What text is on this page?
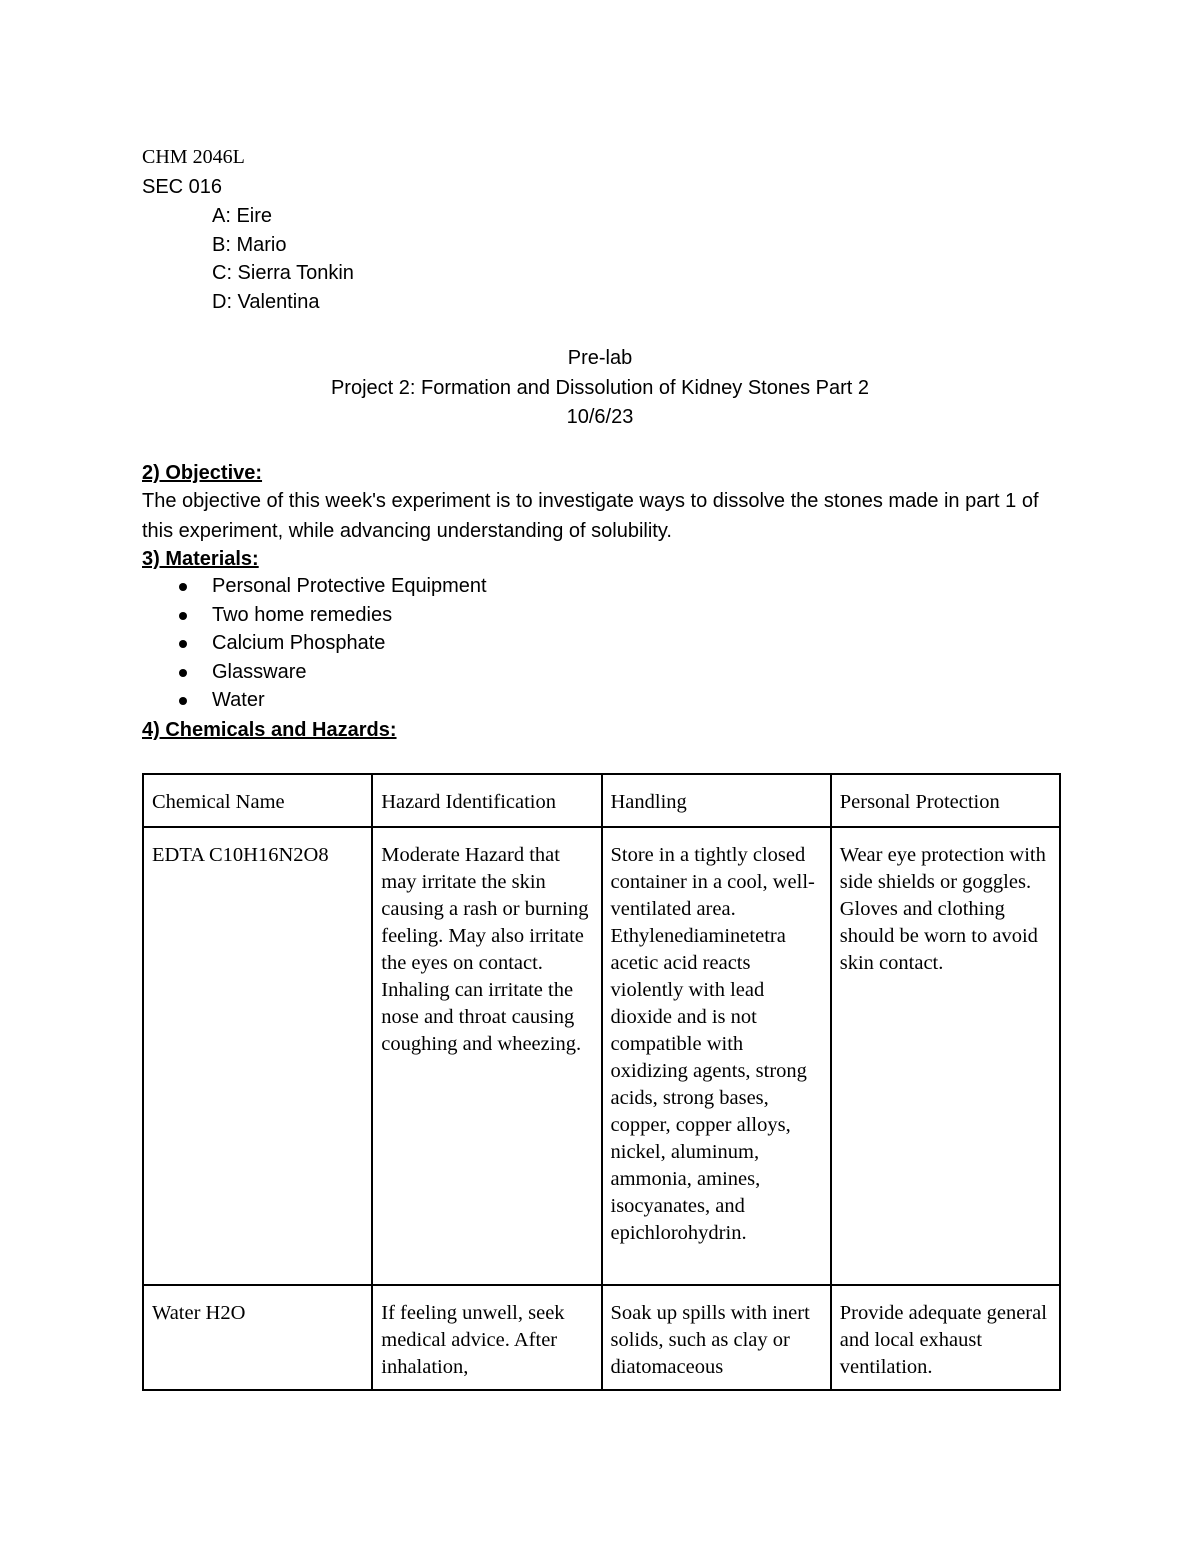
CHM 2046L
SEC 016
A: Eire
B: Mario
C: Sierra Tonkin
D: Valentina
Pre-lab
Project 2: Formation and Dissolution of Kidney Stones Part 2
10/6/23
2) Objective:
The objective of this week's experiment is to investigate ways to dissolve the stones made in part 1 of this experiment, while advancing understanding of solubility.
3) Materials:
Personal Protective Equipment
Two home remedies
Calcium Phosphate
Glassware
Water
4) Chemicals and Hazards:
Chemical Name	Hazard Identification	Handling	Personal Protection
EDTA C10H16N2O8	Moderate Hazard that may irritate the skin causing a rash or burning feeling. May also irritate the eyes on contact. Inhaling can irritate the nose and throat causing coughing and wheezing.	Store in a tightly closed container in a cool, well-ventilated area. Ethylenediaminetetra acetic acid reacts violently with lead dioxide and is not compatible with oxidizing agents, strong acids, strong bases, copper, copper alloys, nickel, aluminum, ammonia, amines, isocyanates, and epichlorohydrin.	Wear eye protection with side shields or goggles. Gloves and clothing should be worn to avoid skin contact.
Water H2O	If feeling unwell, seek medical advice. After inhalation,	Soak up spills with inert solids, such as clay or diatomaceous	Provide adequate general and local exhaust ventilation.
